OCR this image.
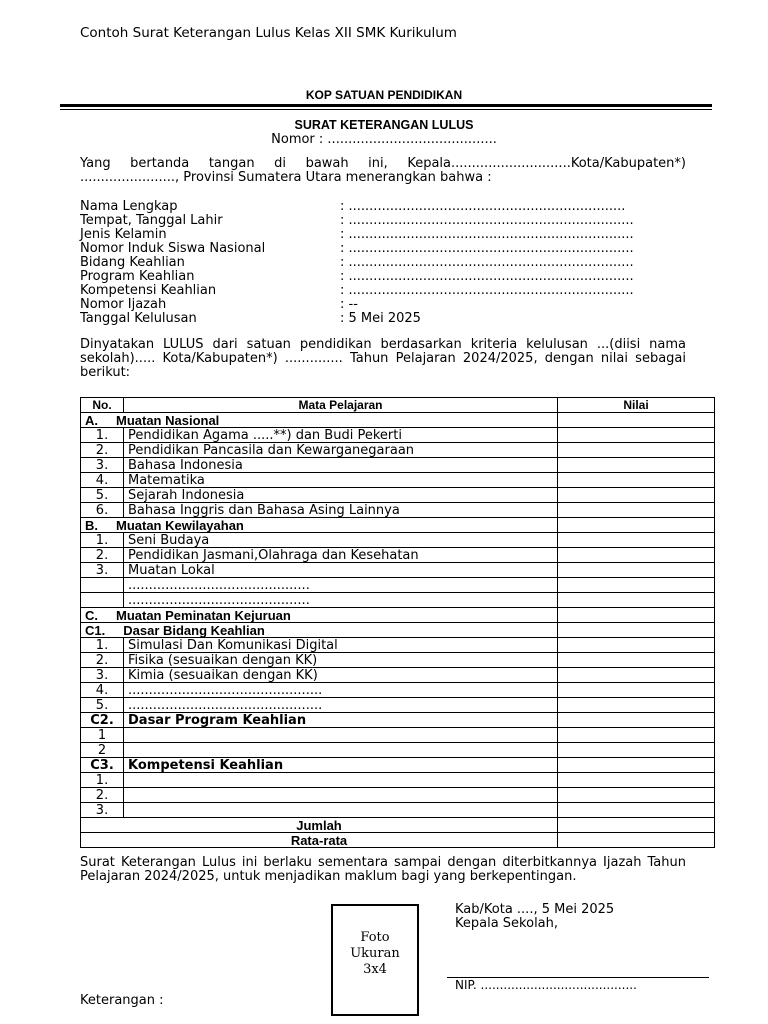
Contoh Surat Keterangan Lulus Kelas XII SMK Kurikulum
KOP SATUAN PENDIDIKAN
SURAT KETERANGAN LULUS
Nomor : .........................................
Yang bertanda tangan di bawah ini, Kepala.............................Kota/Kabupaten*) ......................., Provinsi Sumatera Utara menerangkan bahwa :
Nama Lengkap	: ...................................................................
Tempat, Tanggal Lahir	: .....................................................................
Jenis Kelamin	: .....................................................................
Nomor Induk Siswa Nasional	: .....................................................................
Bidang Keahlian	: .....................................................................
Program Keahlian	: .....................................................................
Kompetensi Keahlian	: .....................................................................
Nomor Ijazah	: --
Tanggal Kelulusan	: 5 Mei 2025
Dinyatakan LULUS dari satuan pendidikan berdasarkan kriteria kelulusan ...(diisi nama sekolah)..... Kota/Kabupaten*) .............. Tahun Pelajaran 2024/2025, dengan nilai sebagai berikut:
No.	Mata Pelajaran	Nilai
A. Muatan Nasional		
1.	Pendidikan Agama .....**) dan Budi Pekerti	
2.	Pendidikan Pancasila dan Kewarganegaraan	
3.	Bahasa Indonesia	
4.	Matematika	
5.	Sejarah Indonesia	
6.	Bahasa Inggris dan Bahasa Asing Lainnya	
B. Muatan Kewilayahan		
1.	Seni Budaya	
2.	Pendidikan Jasmani,Olahraga dan Kesehatan	
3.	Muatan Lokal	
	............................................	
	............................................	
C. Muatan Peminatan Kejuruan		
C1. Dasar Bidang Keahlian		
1.	Simulasi Dan Komunikasi Digital	
2.	Fisika (sesuaikan dengan KK)	
3.	Kimia (sesuaikan dengan KK)	
4.	...............................................	
5.	...............................................	
C2.	Dasar Program Keahlian	
1		
2		
C3.	Kompetensi Keahlian	
1.		
2.		
3.		
Jumlah		
Rata-rata		
Surat Keterangan Lulus ini berlaku sementara sampai dengan diterbitkannya Ijazah Tahun Pelajaran 2024/2025, untuk menjadikan maklum bagi yang berkepentingan.
Foto
Ukuran
3x4
Kab/Kota ...., 5 Mei 2025
Kepala Sekolah,
NIP. .........................................
Keterangan :
